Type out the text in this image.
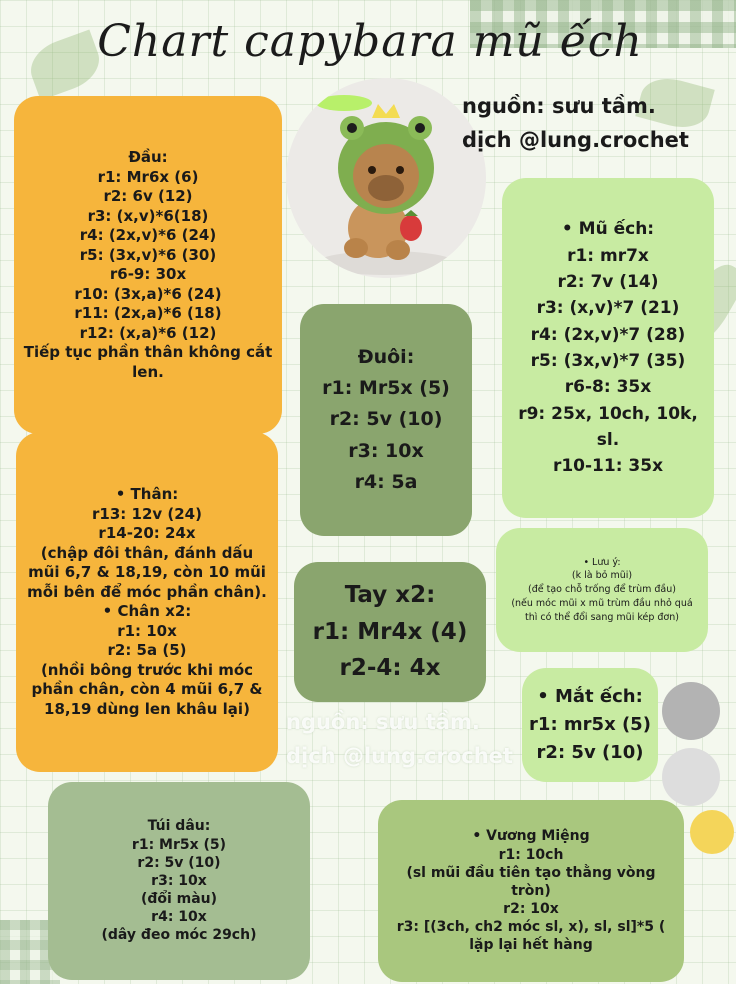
Chart capybara mũ ếch
nguồn: sưu tầm.
dịch @lung.crochet
Đầu:
r1: Mr6x (6)
r2: 6v (12)
r3: (x,v)*6(18)
r4: (2x,v)*6 (24)
r5: (3x,v)*6 (30)
r6-9: 30x
r10: (3x,a)*6 (24)
r11: (2x,a)*6 (18)
r12: (x,a)*6 (12)
Tiếp tục phần thân không cắt len.
• Thân:
r13: 12v (24)
r14-20: 24x
(chập đôi thân, đánh dấu mũi 6,7 & 18,19, còn 10 mũi mỗi bên để móc phần chân).
• Chân x2:
r1: 10x
r2: 5a (5)
(nhồi bông trước khi móc phần chân, còn 4 mũi 6,7 & 18,19 dùng len khâu lại)
Túi dâu:
r1: Mr5x (5)
r2: 5v (10)
r3: 10x
(đổi màu)
r4: 10x
(dây đeo móc 29ch)
Đuôi:
r1: Mr5x (5)
r2: 5v (10)
r3: 10x
r4: 5a
Tay x2:
r1: Mr4x (4)
r2-4: 4x
• Mũ ếch:
r1: mr7x
r2: 7v (14)
r3: (x,v)*7 (21)
r4: (2x,v)*7 (28)
r5: (3x,v)*7 (35)
r6-8: 35x
r9: 25x, 10ch, 10k, sl.
r10-11: 35x
• Lưu ý:
(k là bỏ mũi)
(để tạo chỗ trống để trùm đầu)
(nếu móc mũi x mũ trùm đầu nhỏ quá
thì có thể đổi sang mũi kép đơn)
• Mắt ếch:
r1: mr5x (5)
r2: 5v (10)
• Vương Miệng
r1: 10ch
(sl mũi đầu tiên tạo thằng vòng tròn)
r2: 10x
r3: [(3ch, ch2 móc sl, x), sl, sl]*5 ( lặp lại hết hàng
nguồn: sưu tầm.
dịch @lung.crochet
